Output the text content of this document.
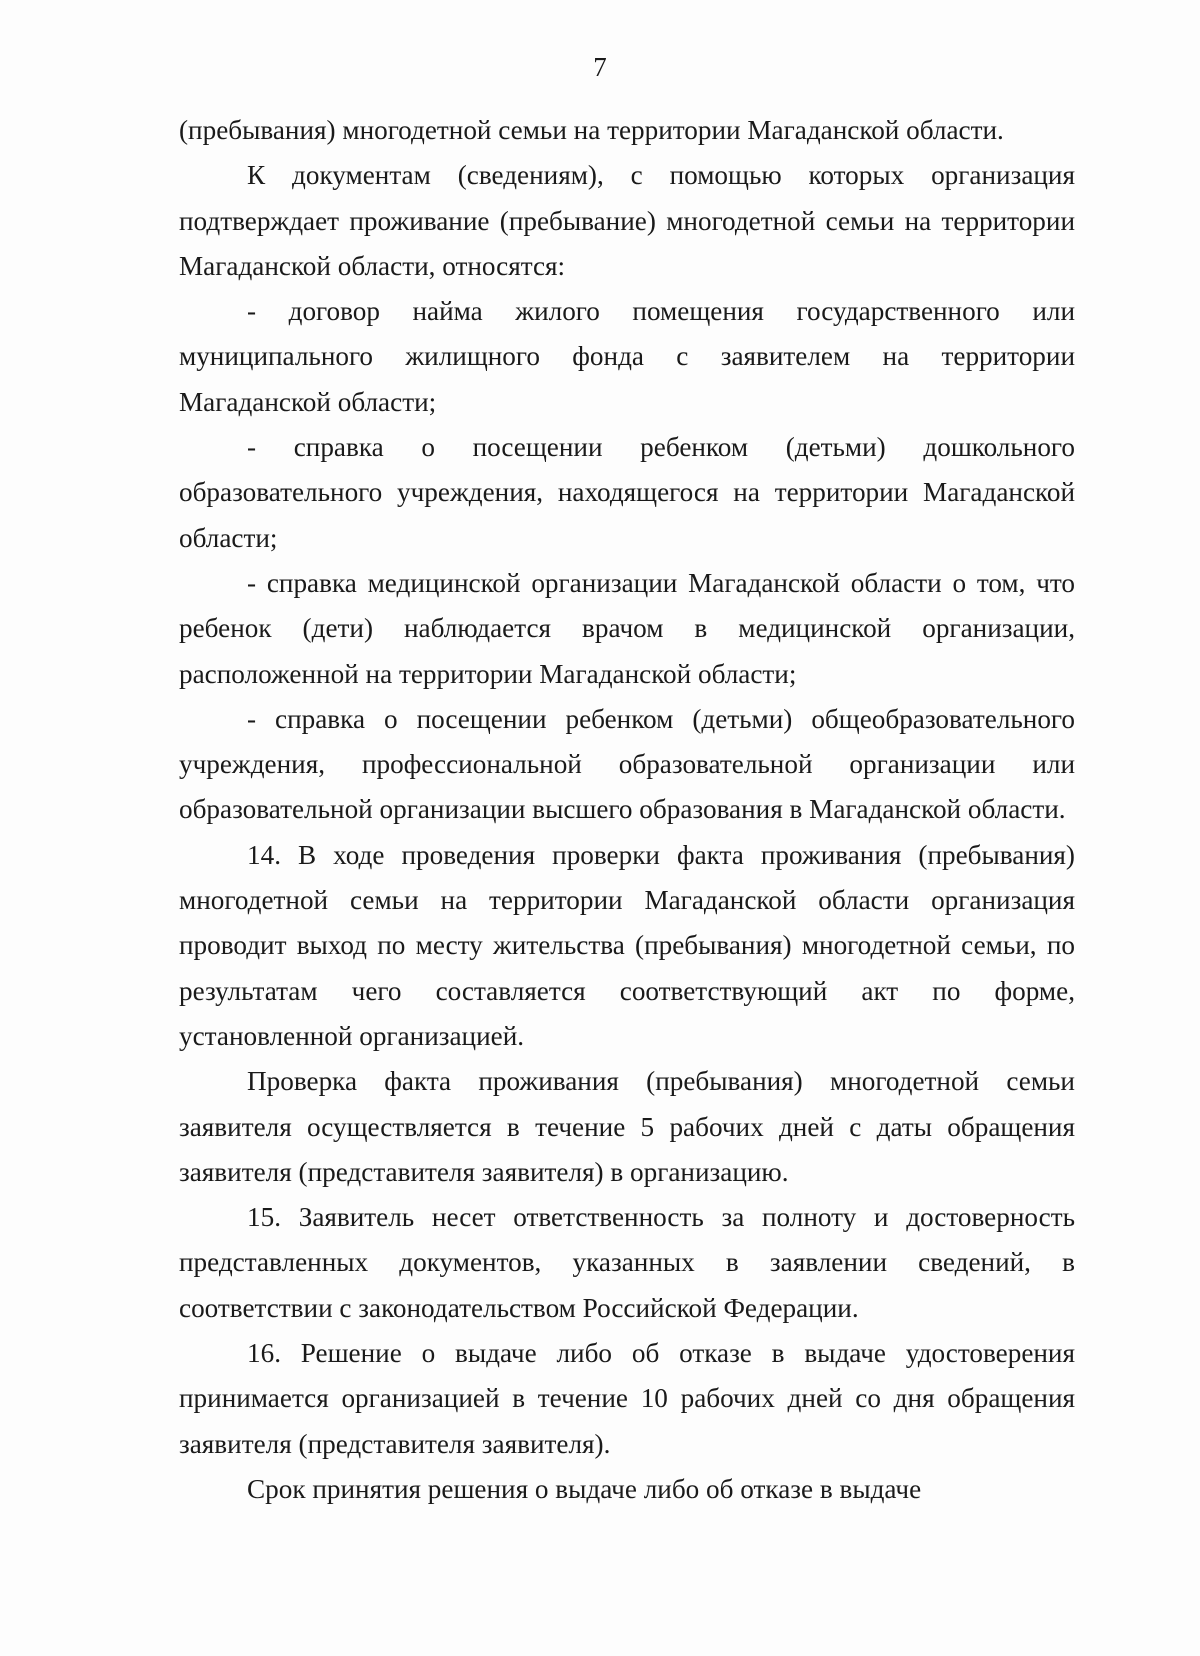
7

(пребывания) многодетной семьи на территории Магаданской области.

К документам (сведениям), с помощью которых организация подтверждает проживание (пребывание) многодетной семьи на территории Магаданской области, относятся:

- договор найма жилого помещения государственного или муниципального жилищного фонда с заявителем на территории Магаданской области;

- справка о посещении ребенком (детьми) дошкольного образовательного учреждения, находящегося на территории Магаданской области;

- справка медицинской организации Магаданской области о том, что ребенок (дети) наблюдается врачом в медицинской организации, расположенной на территории Магаданской области;

- справка о посещении ребенком (детьми) общеобразовательного учреждения, профессиональной образовательной организации или образовательной организации высшего образования в Магаданской области.

14. В ходе проведения проверки факта проживания (пребывания) многодетной семьи на территории Магаданской области организация проводит выход по месту жительства (пребывания) многодетной семьи, по результатам чего составляется соответствующий акт по форме, установленной организацией.

Проверка факта проживания (пребывания) многодетной семьи заявителя осуществляется в течение 5 рабочих дней с даты обращения заявителя (представителя заявителя) в организацию.

15. Заявитель несет ответственность за полноту и достоверность представленных документов, указанных в заявлении сведений, в соответствии с законодательством Российской Федерации.

16. Решение о выдаче либо об отказе в выдаче удостоверения принимается организацией в течение 10 рабочих дней со дня обращения заявителя (представителя заявителя).

Срок принятия решения о выдаче либо об отказе в выдаче
